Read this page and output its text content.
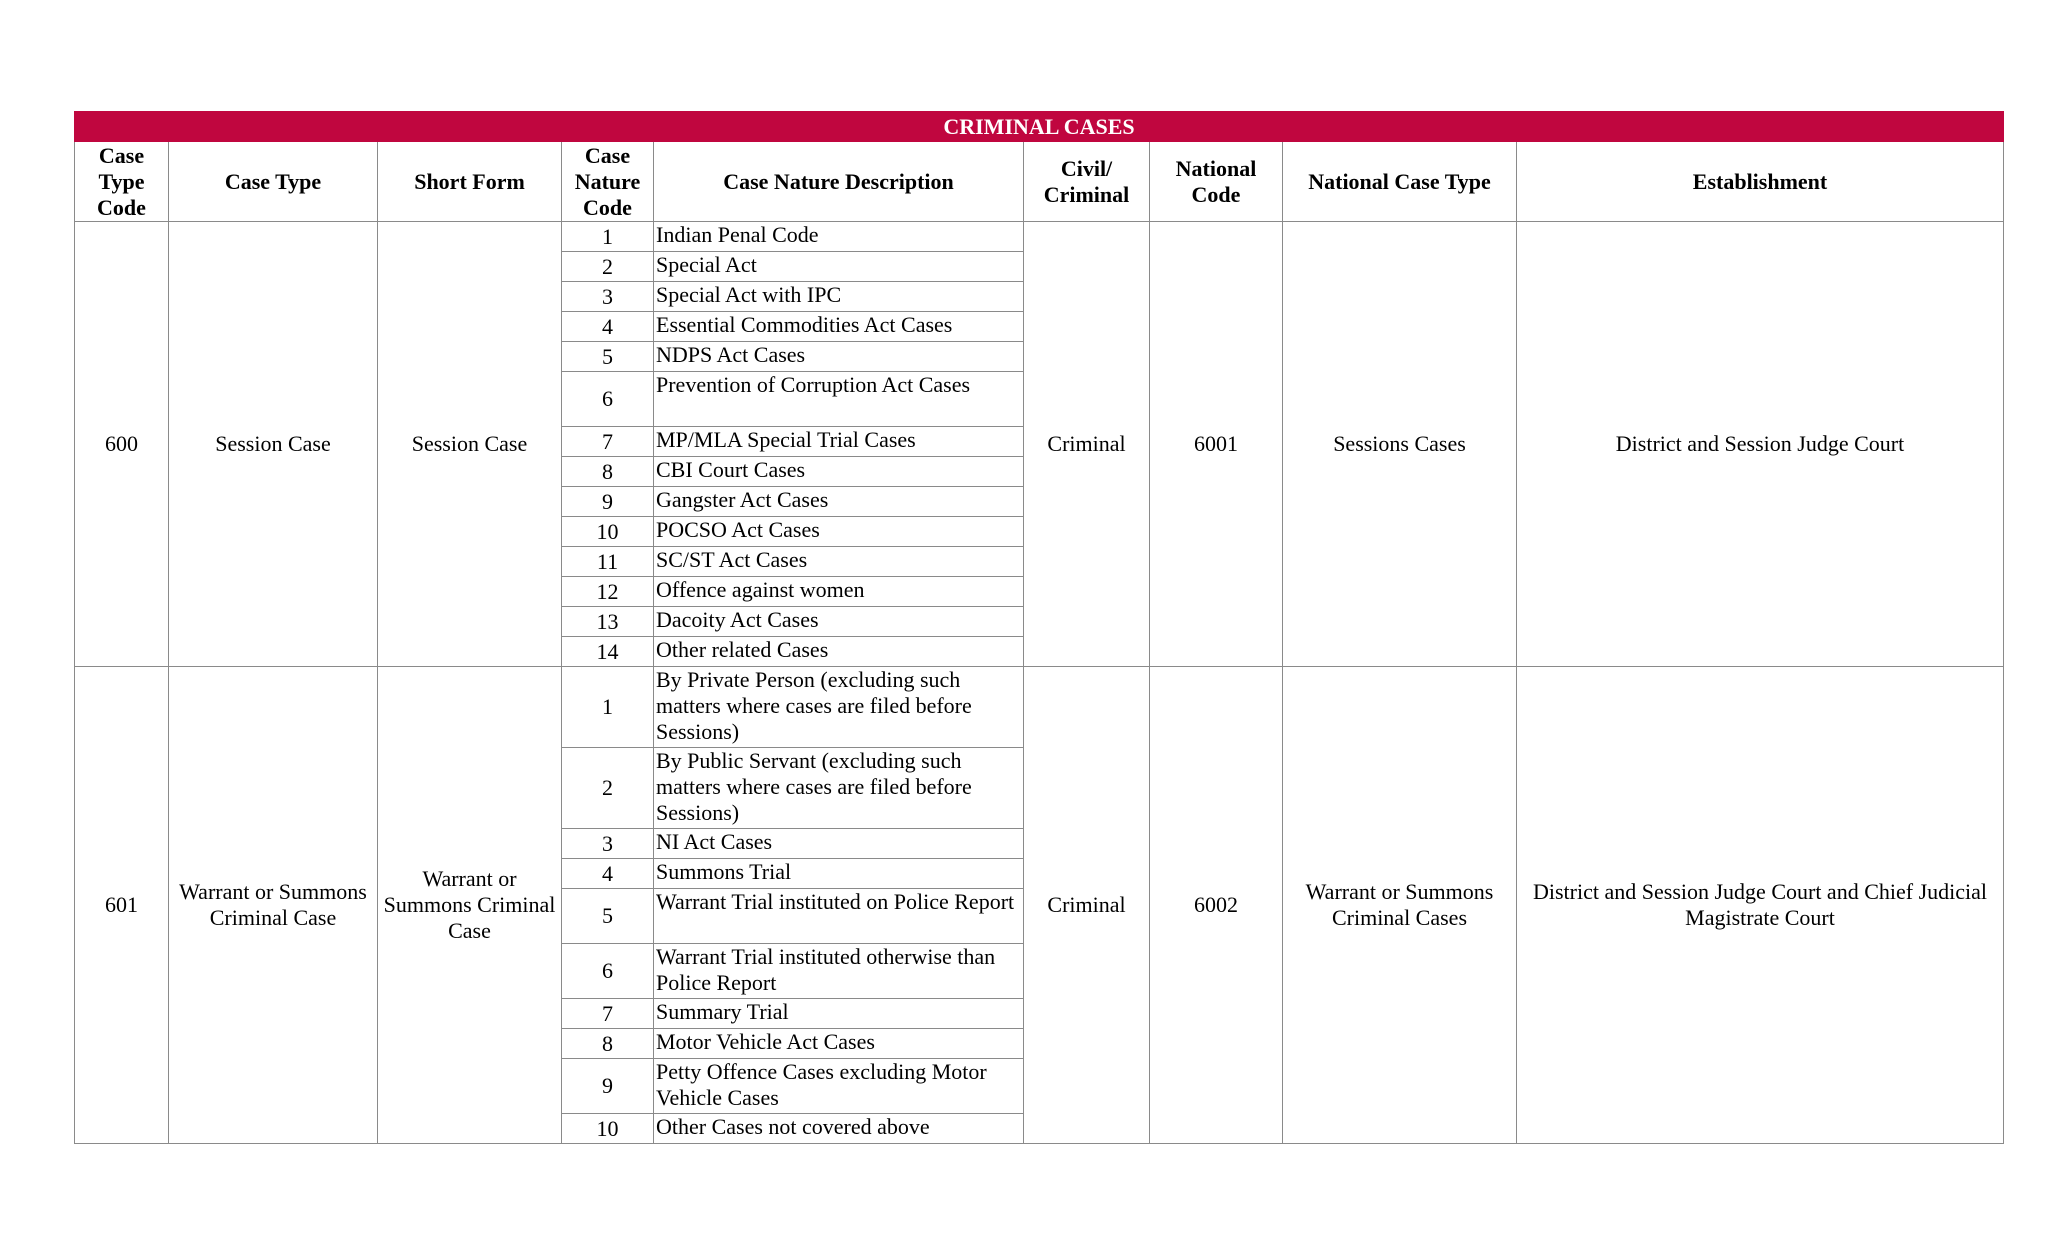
CRIMINAL CASES								
Case Type Code	Case Type	Short Form	Case Nature Code	Case Nature Description	Civil/ Criminal	National Code	National Case Type	Establishment
600	Session Case	Session Case	1	Indian Penal Code	Criminal	6001	Sessions Cases	District and Session Judge Court
			2	Special Act				
			3	Special Act with IPC				
			4	Essential Commodities Act Cases				
			5	NDPS Act Cases				
			6	Prevention of Corruption Act Cases				
			7	MP/MLA Special Trial Cases				
			8	CBI Court Cases				
			9	Gangster Act Cases				
			10	POCSO Act Cases				
			11	SC/ST Act Cases				
			12	Offence against women				
			13	Dacoity Act Cases				
			14	Other related Cases				
601	Warrant or Summons Criminal Case	Warrant or Summons Criminal Case	1	By Private Person (excluding such matters where cases are filed before Sessions)	Criminal	6002	Warrant or Summons Criminal Cases	District and Session Judge Court and Chief Judicial Magistrate Court
			2	By Public Servant (excluding such matters where cases are filed before Sessions)				
			3	NI Act Cases				
			4	Summons Trial				
			5	Warrant Trial instituted on Police Report				
			6	Warrant Trial instituted otherwise than Police Report				
			7	Summary Trial				
			8	Motor Vehicle Act Cases				
			9	Petty Offence Cases excluding Motor Vehicle Cases				
			10	Other Cases not covered above				
